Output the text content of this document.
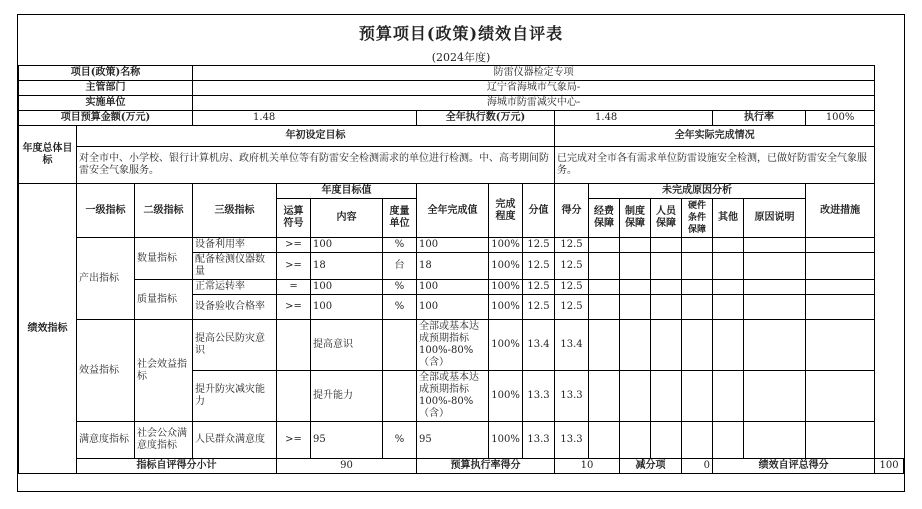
预算项目(政策)绩效自评表
(2024年度)
项目(政策)名称			防雷仪器检定专项															
主管部门			辽宁省海城市气象局-															
实施单位			海城市防雷减灾中心-															
项目预算金额(万元)			1.48				全年执行数(万元)			1.48					执行率		100%	
年度总体目标	年初设定目标									全年实际完成情况								
	对全市中、小学校、银行计算机房、政府机关单位等有防雷安全检测需求的单位进行检测。中、高考期间防雷安全气象服务。									已完成对全市各有需求单位防雷设施安全检测，已做好防雷安全气象服务。								
绩效指标	一级指标	二级指标	三级指标	年度目标值			全年完成值	完成程度	分值	得分	未完成原因分析						改进措施	
				运算符号	内容	度量单位					经费保障	制度保障	人员保障	硬件条件保障	其他	原因说明		
	产出指标	数量指标	设备利用率	>=	100	%	100	100%	12.5	12.5								
			配备检测仪器数量	>=	18	台	18	100%	12.5	12.5								
		质量指标	正常运转率	=	100	%	100	100%	12.5	12.5								
			设备验收合格率	>=	100	%	100	100%	12.5	12.5								
	效益指标	社会效益指标	提高公民防灾意识		提高意识		全部或基本达成预期指标100%-80%（含）	100%	13.4	13.4								
			提升防灾减灾能力		提升能力		全部或基本达成预期指标100%-80%（含）	100%	13.3	13.3								
	满意度指标	社会公众满意度指标	人民群众满意度	>=	95	%	95	100%	13.3	13.3								
	指标自评得分小计			90			预算执行率得分			10		减分项		0	绩效自评总得分			100
